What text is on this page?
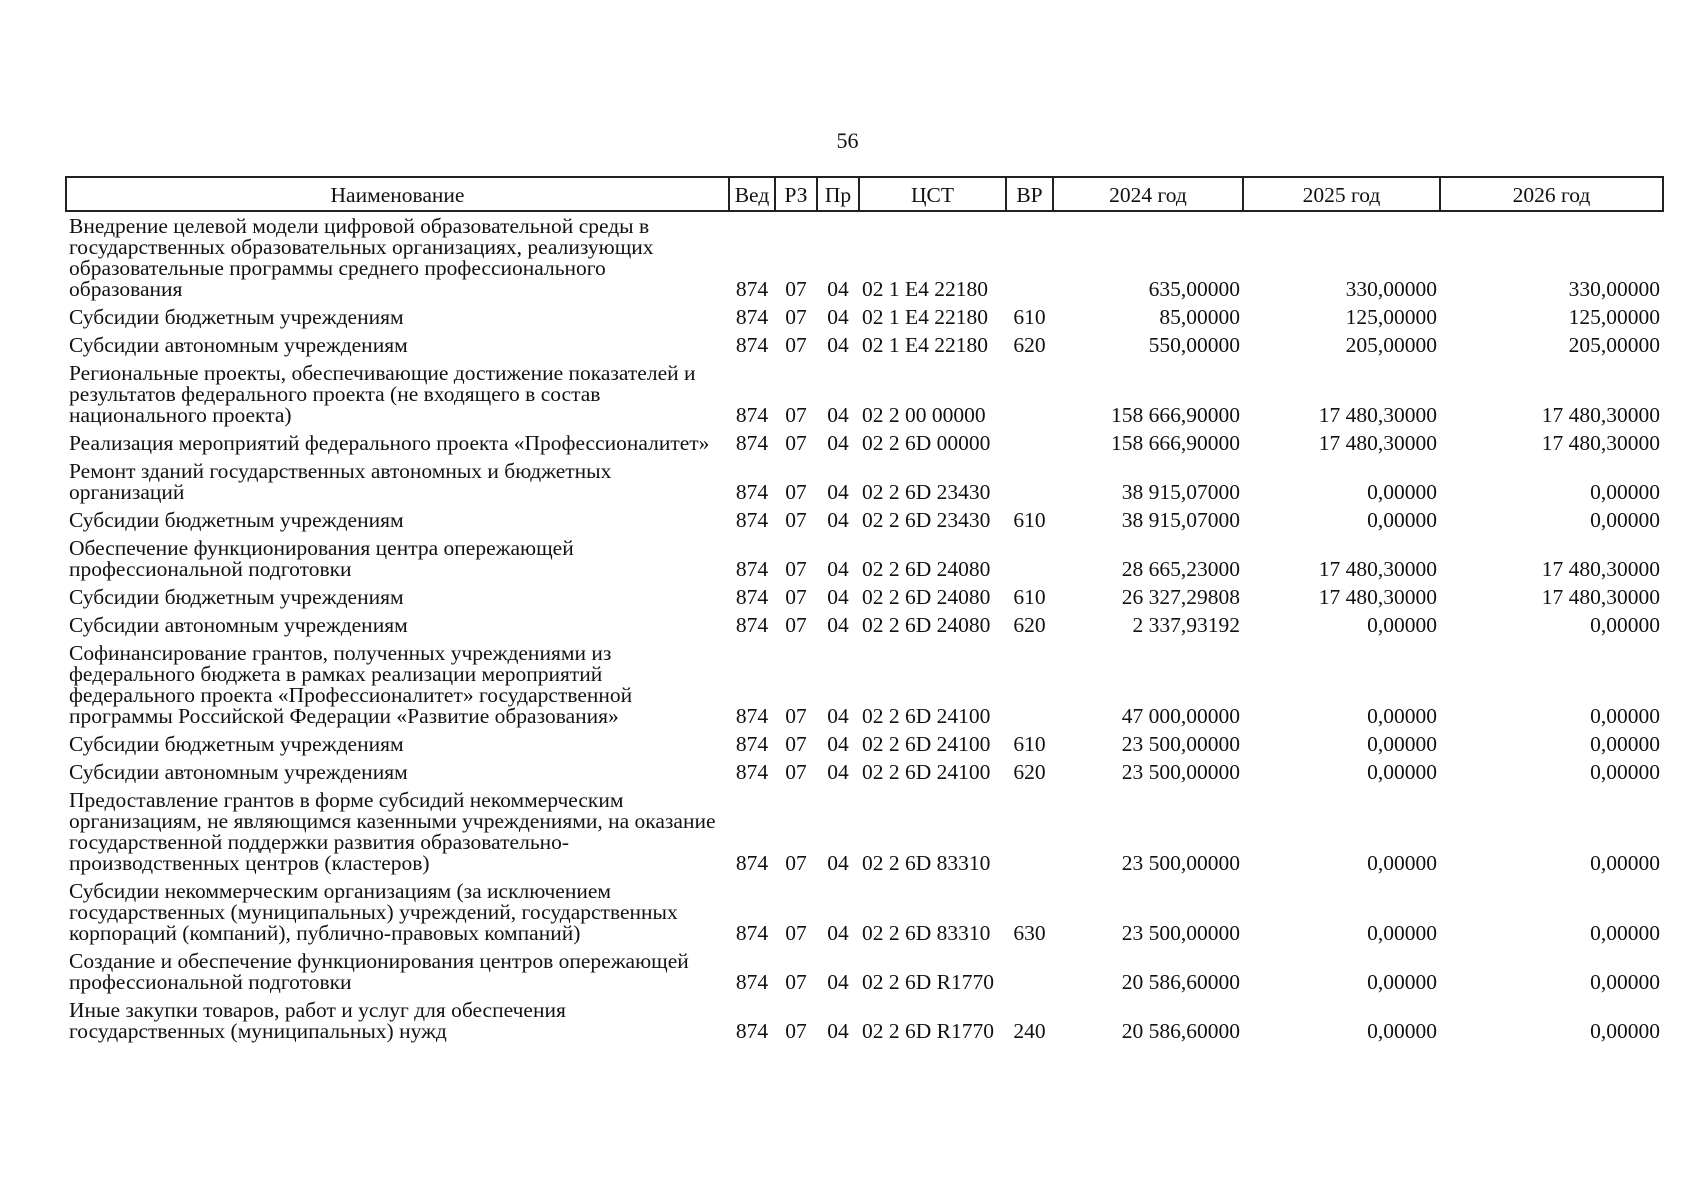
56
Наименование	Вед	РЗ	Пр	ЦСТ	ВР	2024 год	2025 год	2026 год
Внедрение целевой модели цифровой образовательной среды в государственных образовательных организациях, реализующих образовательные программы среднего профессионального образования	874	07	04	02 1 E4 22180		635,00000	330,00000	330,00000
Субсидии бюджетным учреждениям	874	07	04	02 1 E4 22180	610	85,00000	125,00000	125,00000
Субсидии автономным учреждениям	874	07	04	02 1 E4 22180	620	550,00000	205,00000	205,00000
Региональные проекты, обеспечивающие достижение показателей и результатов федерального проекта (не входящего в состав национального проекта)	874	07	04	02 2 00 00000		158 666,90000	17 480,30000	17 480,30000
Реализация мероприятий федерального проекта «Профессионалитет»	874	07	04	02 2 6D 00000		158 666,90000	17 480,30000	17 480,30000
Ремонт зданий государственных автономных и бюджетных организаций	874	07	04	02 2 6D 23430		38 915,07000	0,00000	0,00000
Субсидии бюджетным учреждениям	874	07	04	02 2 6D 23430	610	38 915,07000	0,00000	0,00000
Обеспечение функционирования центра опережающей профессиональной подготовки	874	07	04	02 2 6D 24080		28 665,23000	17 480,30000	17 480,30000
Субсидии бюджетным учреждениям	874	07	04	02 2 6D 24080	610	26 327,29808	17 480,30000	17 480,30000
Субсидии автономным учреждениям	874	07	04	02 2 6D 24080	620	2 337,93192	0,00000	0,00000
Софинансирование грантов, полученных учреждениями из федерального бюджета в рамках реализации мероприятий федерального проекта «Профессионалитет» государственной программы Российской Федерации «Развитие образования»	874	07	04	02 2 6D 24100		47 000,00000	0,00000	0,00000
Субсидии бюджетным учреждениям	874	07	04	02 2 6D 24100	610	23 500,00000	0,00000	0,00000
Субсидии автономным учреждениям	874	07	04	02 2 6D 24100	620	23 500,00000	0,00000	0,00000
Предоставление грантов в форме субсидий некоммерческим организациям, не являющимся казенными учреждениями, на оказание государственной поддержки развития образовательно-производственных центров (кластеров)	874	07	04	02 2 6D 83310		23 500,00000	0,00000	0,00000
Субсидии некоммерческим организациям (за исключением государственных (муниципальных) учреждений, государственных корпораций (компаний), публично-правовых компаний)	874	07	04	02 2 6D 83310	630	23 500,00000	0,00000	0,00000
Создание и обеспечение функционирования центров опережающей профессиональной подготовки	874	07	04	02 2 6D R1770		20 586,60000	0,00000	0,00000
Иные закупки товаров, работ и услуг для обеспечения государственных (муниципальных) нужд	874	07	04	02 2 6D R1770	240	20 586,60000	0,00000	0,00000
